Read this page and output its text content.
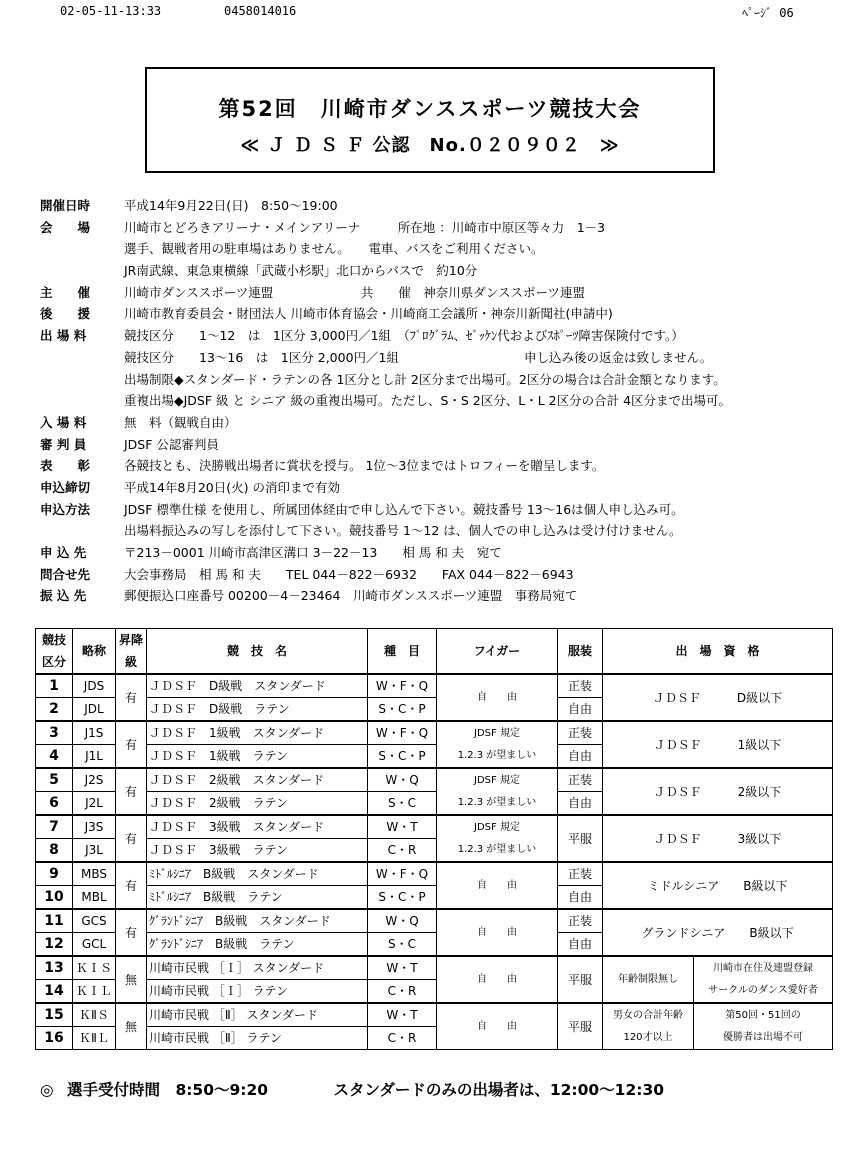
02-05-11-13:33	0458014016	ﾍﾟｰｼﾞ 06
第52回　川崎市ダンススポーツ競技大会
≪ Ｊ Ｄ Ｓ Ｆ 公認　No.０２０９０２　≫
開催日時	平成14年9月22日(日)　8:50～19:00
会　　場	川崎市とどろきアリーナ・メインアリーナ　　　所在地 ：川崎市中原区等々力　1－3
選手、観戦者用の駐車場はありません。　　電車、バスをご利用ください。
JR南武線、東急東横線「武蔵小杉駅」北口からバスで　約10分
主　　催	川崎市ダンススポーツ連盟　　　　　　　共　　催　神奈川県ダンススポーツ連盟
後　　援	川崎市教育委員会・財団法人 川崎市体育協会・川崎商工会議所・神奈川新聞社(申請中)
出 場 料	競技区分　　1～12　は　1区分 3,000円／1組　（ﾌﾟﾛｸﾞﾗﾑ、ｾﾞｯｹﾝ代およびｽﾎﾟｰﾂ障害保険付です。）
競技区分　　13～16　は　1区分 2,000円／1組　　　　　　　　　　申し込み後の返金は致しません。
出場制限◆スタンダード・ラテンの各 1区分とし計 2区分まで出場可。2区分の場合は合計金額となります。
重複出場◆JDSF 級 と シニア 級の重複出場可。ただし、S・S 2区分、L・L 2区分の合計 4区分まで出場可。
入 場 料	無　料（観戦自由）
審 判 員	JDSF 公認審判員
表　　彰	各競技とも、決勝戦出場者に賞状を授与。 1位～3位まではトロフィーを贈呈します。
申込締切	平成14年8月20日(火) の消印まで有効
申込方法	JDSF 標準仕様 を使用し、所属団体経由で申し込んで下さい。競技番号 13～16は個人申し込み可。
出場料振込みの写しを添付して下さい。競技番号 1～12 は、個人での申し込みは受け付けません。
申 込 先	〒213－0001 川崎市高津区溝口 3－22－13　　相 馬 和 夫　宛て
問合せ先	大会事務局　相 馬 和 夫　　TEL 044－822－6932　　FAX 044－822－6943
振 込 先	郵便振込口座番号 00200－4－23464　川崎市ダンススポーツ連盟　事務局宛て
競技区分	略称	昇降級	競　技　名	種　目	フイガー	服装	出　場　資　格	
1	JDS	有	ＪＤＳＦ　D級戦　スタンダード	W・F・Q	自　　由	正装	ＪＤＳＦ　　　D級以下	
2	JDL		ＪＤＳＦ　D級戦　ラテン	S・C・P		自由		
3	J1S	有	ＪＤＳＦ　1級戦　スタンダード	W・F・Q	JDSF 規定
1.2.3 が望ましい	正装	ＪＤＳＦ　　　1級以下	
4	J1L		ＪＤＳＦ　1級戦　ラテン	S・C・P		自由		
5	J2S	有	ＪＤＳＦ　2級戦　スタンダード	W・Q	JDSF 規定
1.2.3 が望ましい	正装	ＪＤＳＦ　　　2級以下	
6	J2L		ＪＤＳＦ　2級戦　ラテン	S・C		自由		
7	J3S	有	ＪＤＳＦ　3級戦　スタンダード	W・T	JDSF 規定
1.2.3 が望ましい	平服	ＪＤＳＦ　　　3級以下	
8	J3L		ＪＤＳＦ　3級戦　ラテン	C・R				
9	MBS	有	ﾐﾄﾞﾙｼﾆｱ　B級戦　スタンダード	W・F・Q	自　　由	正装	ミドルシニア　　B級以下	
10	MBL		ﾐﾄﾞﾙｼﾆｱ　B級戦　ラテン	S・C・P		自由		
11	GCS	有	ｸﾞﾗﾝﾄﾞｼﾆｱ　B級戦　スタンダード	W・Q	自　　由	正装	グランドシニア　　B級以下	
12	GCL		ｸﾞﾗﾝﾄﾞｼﾆｱ　B級戦　ラテン	S・C		自由		
13	ＫＩＳ	無	川崎市民戦 ［Ｉ］ スタンダード	W・T	自　　由	平服	年齢制限無し	川崎市在住及連盟登録
サークルのダンス愛好者
14	ＫＩＬ		川崎市民戦 ［Ｉ］ ラテン	C・R				
15	ＫⅡＳ	無	川崎市民戦 ［Ⅱ］ スタンダード	W・T	自　　由	平服	男女の合計年齢
120才以上	第50回・51回の
優勝者は出場不可
16	ＫⅡＬ		川崎市民戦 ［Ⅱ］ ラテン	C・R				
◎ 選手受付時間　8:50～9:20	スタンダードのみの出場者は、12:00～12:30
